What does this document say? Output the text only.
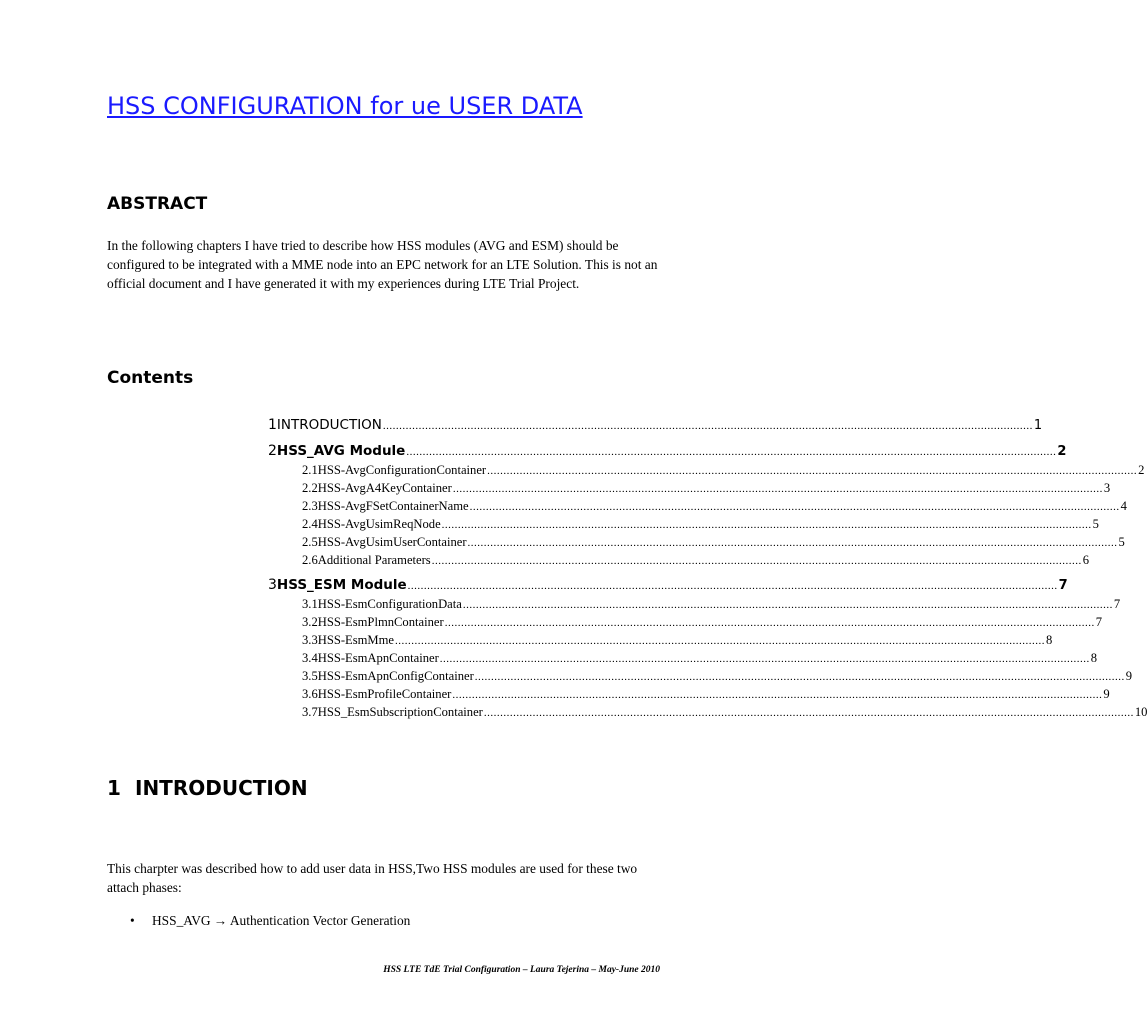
HSS CONFIGURATION for ue USER DATA
ABSTRACT

In the following chapters I have tried to describe how HSS modules (AVG and ESM) should be configured to be integrated with a MME node into an EPC network for an LTE Solution. This is not an official document and I have generated it with my experiences during LTE Trial Project.

Contents
1 INTRODUCTION ........................................................................................................................................................................................................ 1
2 HSS_AVG Module ........................................................................................................................................................................................................ 2
2.1 HSS-AvgConfigurationContainer ........................................................................................................................................................................................................ 2
2.2 HSS-AvgA4KeyContainer ........................................................................................................................................................................................................ 3
2.3 HSS-AvgFSetContainerName ........................................................................................................................................................................................................ 4
2.4 HSS-AvgUsimReqNode ........................................................................................................................................................................................................ 5
2.5 HSS-AvgUsimUserContainer ........................................................................................................................................................................................................ 5
2.6 Additional Parameters ........................................................................................................................................................................................................ 6
3 HSS_ESM Module ........................................................................................................................................................................................................ 7
3.1 HSS-EsmConfigurationData ........................................................................................................................................................................................................ 7
3.2 HSS-EsmPlmnContainer ........................................................................................................................................................................................................ 7
3.3 HSS-EsmMme ........................................................................................................................................................................................................ 8
3.4 HSS-EsmApnContainer ........................................................................................................................................................................................................ 8
3.5 HSS-EsmApnConfigContainer ........................................................................................................................................................................................................ 9
3.6 HSS-EsmProfileContainer ........................................................................................................................................................................................................ 9
3.7 HSS_EsmSubscriptionContainer ........................................................................................................................................................................................................ 10
1 INTRODUCTION

This charpter was described how to add user data in HSS,Two HSS modules are used for these two attach phases:

•	HSS_AVG → Authentication Vector Generation
HSS LTE TdE Trial Configuration – Laura Tejerina – May-June 2010
